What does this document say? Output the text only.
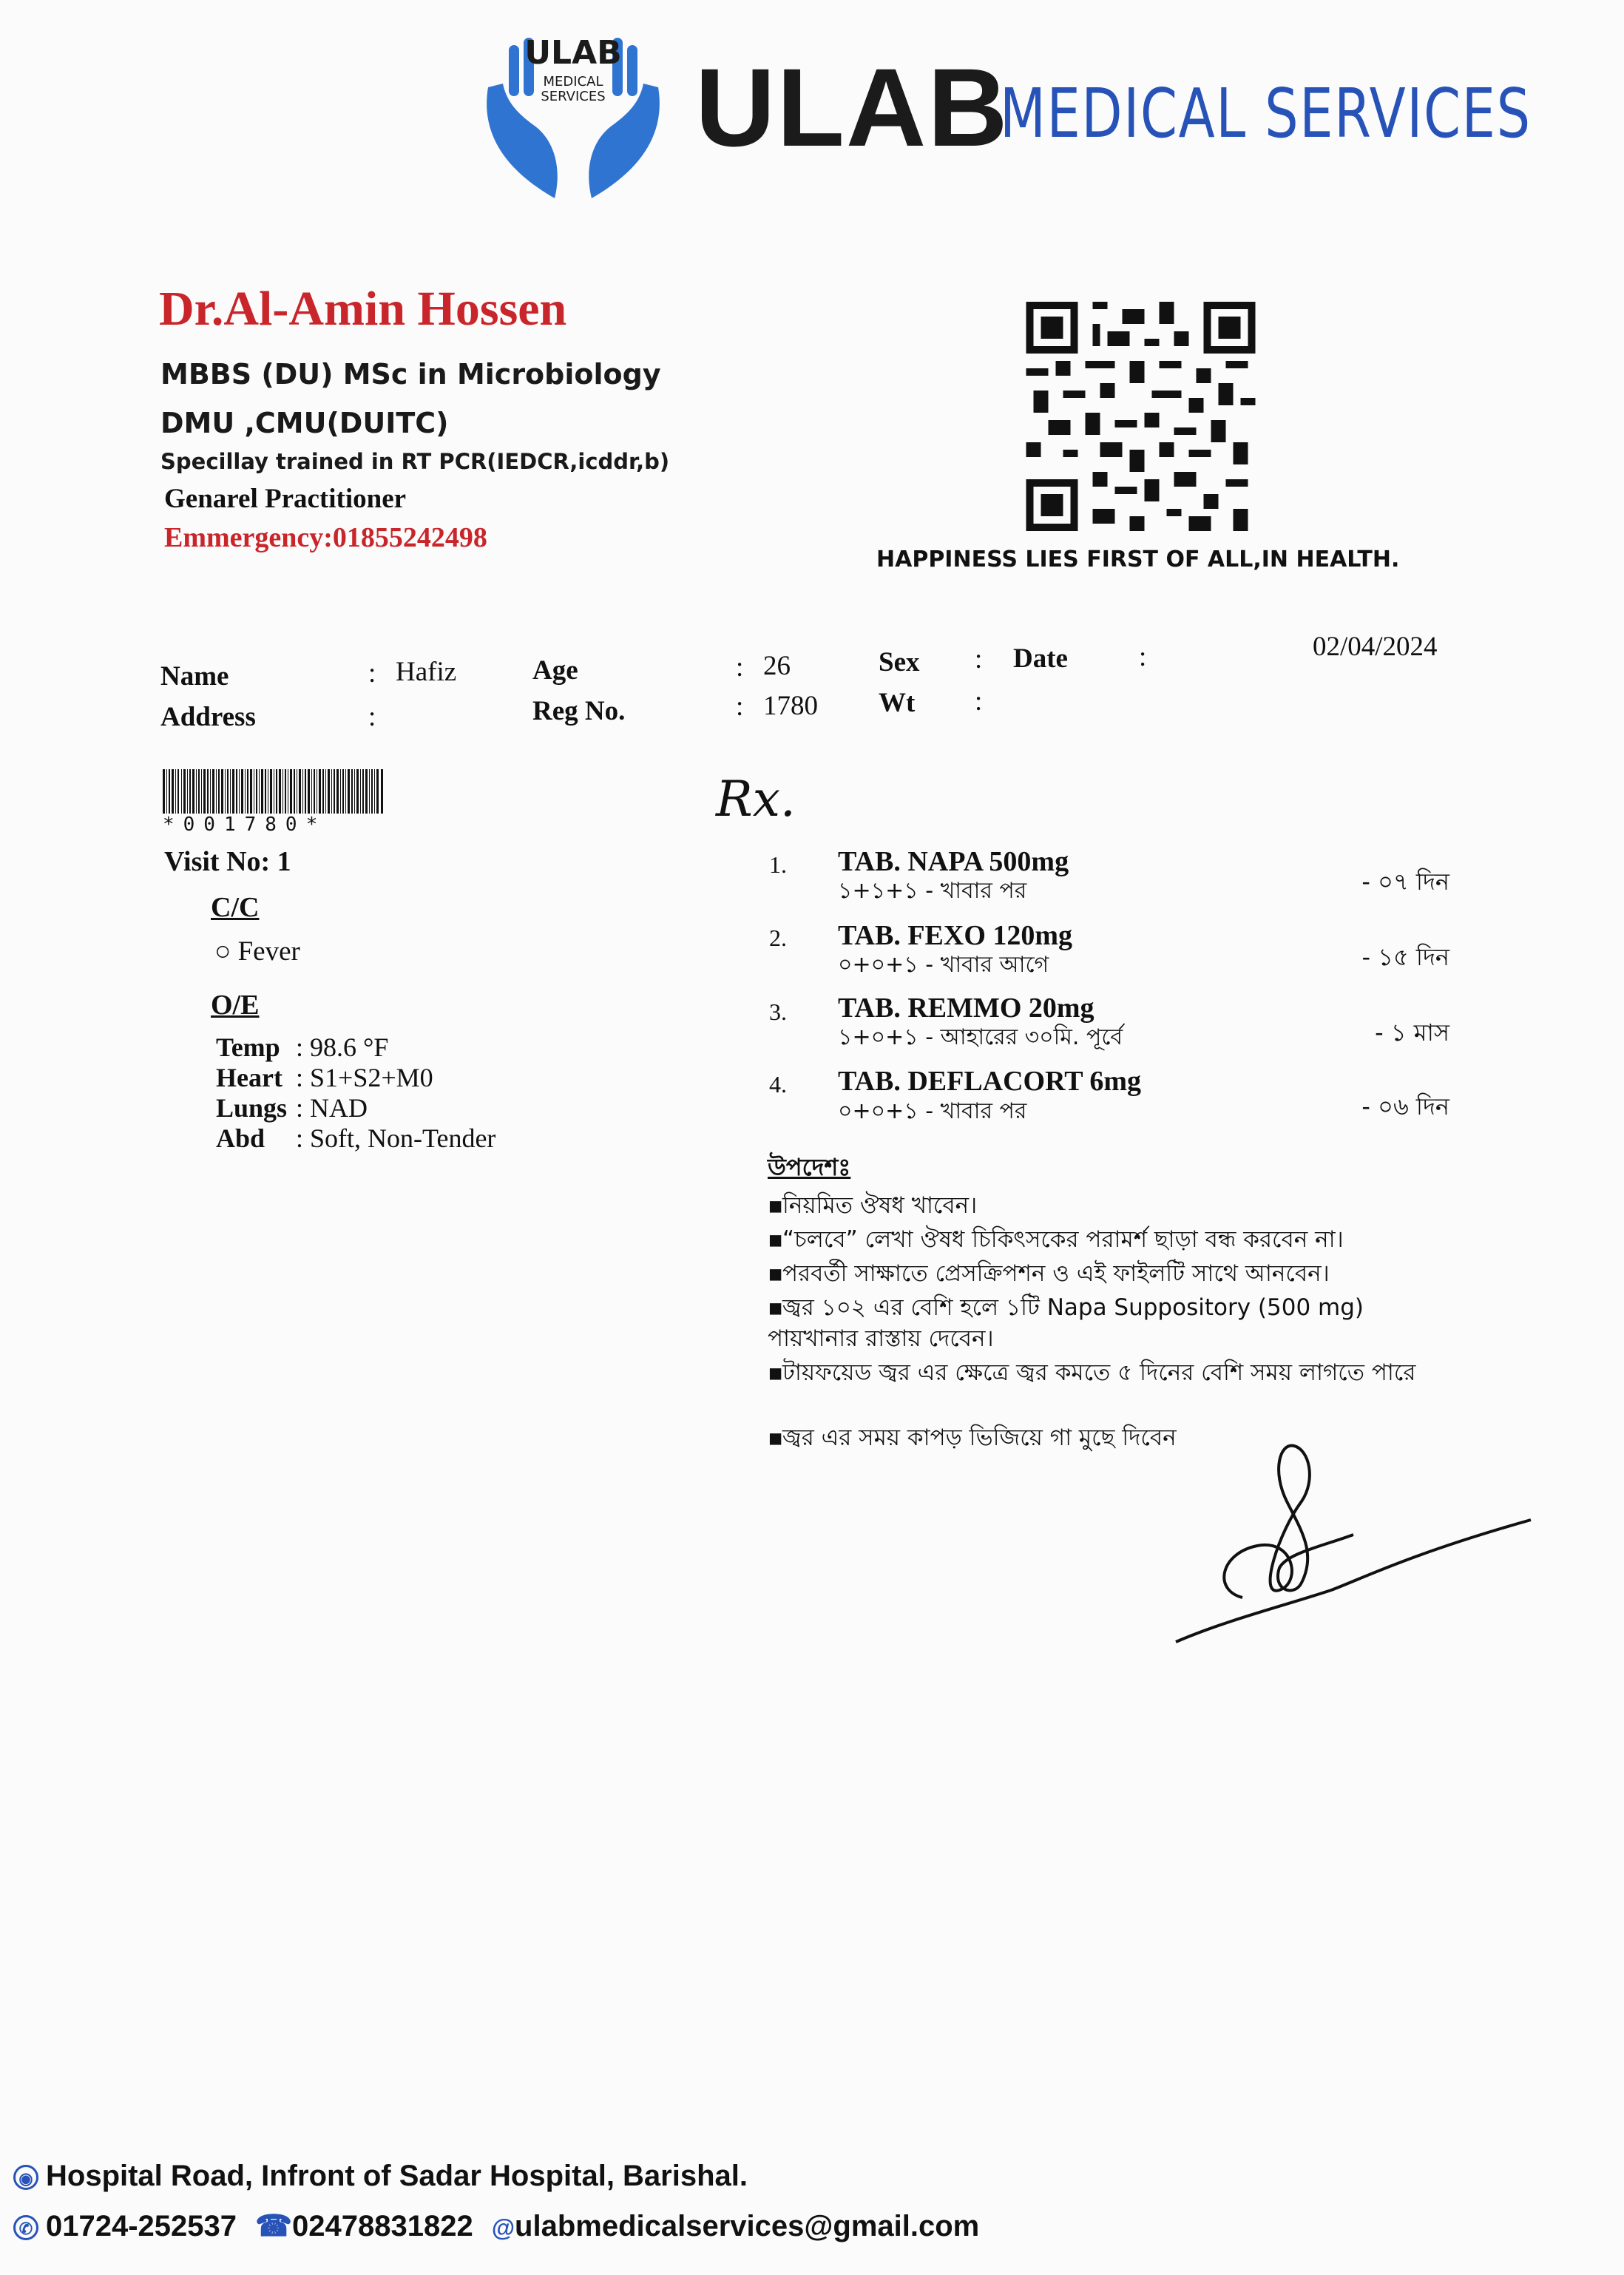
ULAB
MEDICAL
SERVICES ULAB
MEDICAL SERVICES
Dr.Al-Amin Hossen
MBBS (DU) MSc in Microbiology
DMU ,CMU(DUITC)
Specillay trained in RT PCR(IEDCR,icddr,b)
Genarel Practitioner
Emmergency:01855242498
HAPPINESS LIES FIRST OF ALL,IN HEALTH.
Name	: Hafiz
Address	:
Age	: 26
Reg No.	: 1780
Sex :
Wt :
Date	:	02/04/2024
*001780*
Visit No: 1
C/C
○ Fever
O/E
Temp : 98.6 °F
Heart : S1+S2+M0
Lungs : NAD
Abd : Soft, Non-Tender
Rx.
1. TAB. NAPA 500mg
১+১+১ - খাবার পর	- ০৭ দিন
2. TAB. FEXO 120mg
০+০+১ - খাবার আগে	- ১৫ দিন
3. TAB. REMMO 20mg
১+০+১ - আহারের ৩০মি. পূর্বে	- ১ মাস
4. TAB. DEFLACORT 6mg
০+০+১ - খাবার পর	- ০৬ দিন
উপদেশঃ
▪নিয়মিত ঔষধ খাবেন।
▪“চলবে” লেখা ঔষধ চিকিৎসকের পরামর্শ ছাড়া বন্ধ করবেন না।
▪পরবর্তী সাক্ষাতে প্রেসক্রিপশন ও এই ফাইলটি সাথে আনবেন।
▪জ্বর ১০২ এর বেশি হলে ১টি Napa Suppository (500 mg) পায়খানার রাস্তায় দেবেন।
▪টায়ফয়েড জ্বর এর ক্ষেত্রে জ্বর কমতে ৫ দিনের বেশি সময় লাগতে পারে
▪জ্বর এর সময় কাপড় ভিজিয়ে গা মুছে দিবেন
◉ Hospital Road, Infront of Sadar Hospital, Barishal.
✆ 01724-252537 ☎02478831822 @ulabmedicalservices@gmail.com
